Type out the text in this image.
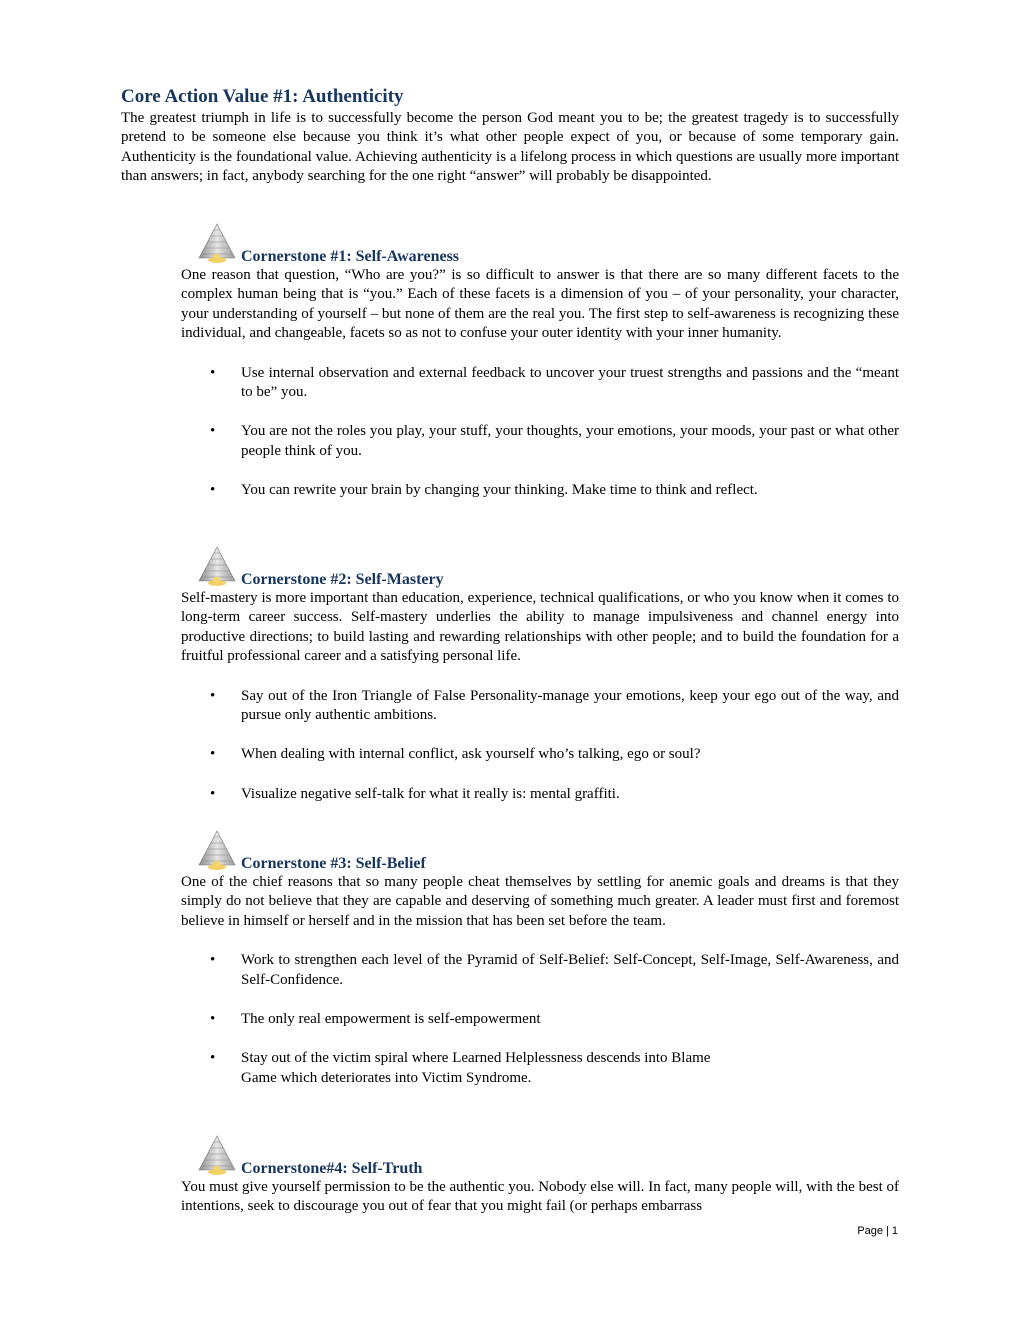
Core Action Value #1: Authenticity

The greatest triumph in life is to successfully become the person God meant you to be; the greatest tragedy is to successfully pretend to be someone else because you think it’s what other people expect of you, or because of some temporary gain. Authenticity is the foundational value. Achieving authenticity is a lifelong process in which questions are usually more important than answers; in fact, anybody searching for the one right “answer” will probably be disappointed.

Cornerstone #1: Self-Awareness

One reason that question, “Who are you?” is so difficult to answer is that there are so many different facets to the complex human being that is “you.” Each of these facets is a dimension of you – of your personality, your character, your understanding of yourself – but none of them are the real you. The first step to self-awareness is recognizing these individual, and changeable, facets so as not to confuse your outer identity with your inner humanity.

• Use internal observation and external feedback to uncover your truest strengths and passions and the “meant to be” you.
• You are not the roles you play, your stuff, your thoughts, your emotions, your moods, your past or what other people think of you.
• You can rewrite your brain by changing your thinking. Make time to think and reflect.
Cornerstone #2: Self-Mastery

Self-mastery is more important than education, experience, technical qualifications, or who you know when it comes to long-term career success. Self-mastery underlies the ability to manage impulsiveness and channel energy into productive directions; to build lasting and rewarding relationships with other people; and to build the foundation for a fruitful professional career and a satisfying personal life.

• Say out of the Iron Triangle of False Personality-manage your emotions, keep your ego out of the way, and pursue only authentic ambitions.
• When dealing with internal conflict, ask yourself who’s talking, ego or soul?
• Visualize negative self-talk for what it really is: mental graffiti.
Cornerstone #3: Self-Belief

One of the chief reasons that so many people cheat themselves by settling for anemic goals and dreams is that they simply do not believe that they are capable and deserving of something much greater. A leader must first and foremost believe in himself or herself and in the mission that has been set before the team.

• Work to strengthen each level of the Pyramid of Self-Belief: Self-Concept, Self-Image, Self-Awareness, and Self-Confidence.
• The only real empowerment is self-empowerment
• Stay out of the victim spiral where Learned Helplessness descends into Blame
Game which deteriorates into Victim Syndrome.
Cornerstone#4: Self-Truth

You must give yourself permission to be the authentic you. Nobody else will. In fact, many people will, with the best of intentions, seek to discourage you out of fear that you might fail (or perhaps embarrass

Page | 1
